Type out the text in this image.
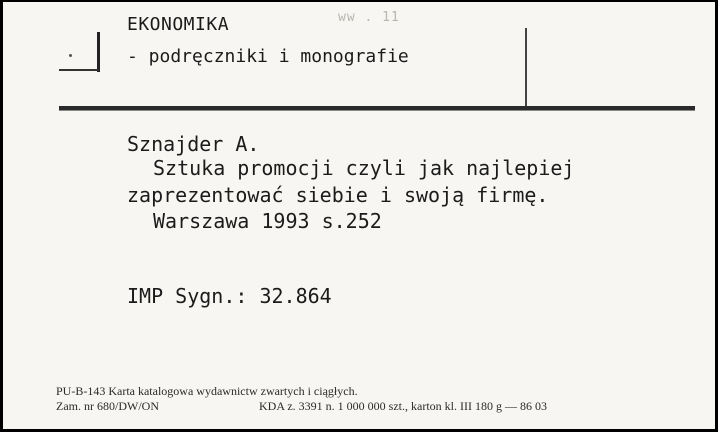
ww . 11
EKONOMIKA
- podręczniki i monografie
Sznajder A.
Sztuka promocji czyli jak najlepiej
zaprezentować siebie i swoją firmę.
Warszawa 1993 s.252
IMP Sygn.: 32.864
PU-B-143 Karta katalogowa wydawnictw zwartych i ciągłych.
Zam. nr 680/DW/ON	KDA z. 3391 n. 1 000 000 szt., karton kl. III 180 g — 86 03
